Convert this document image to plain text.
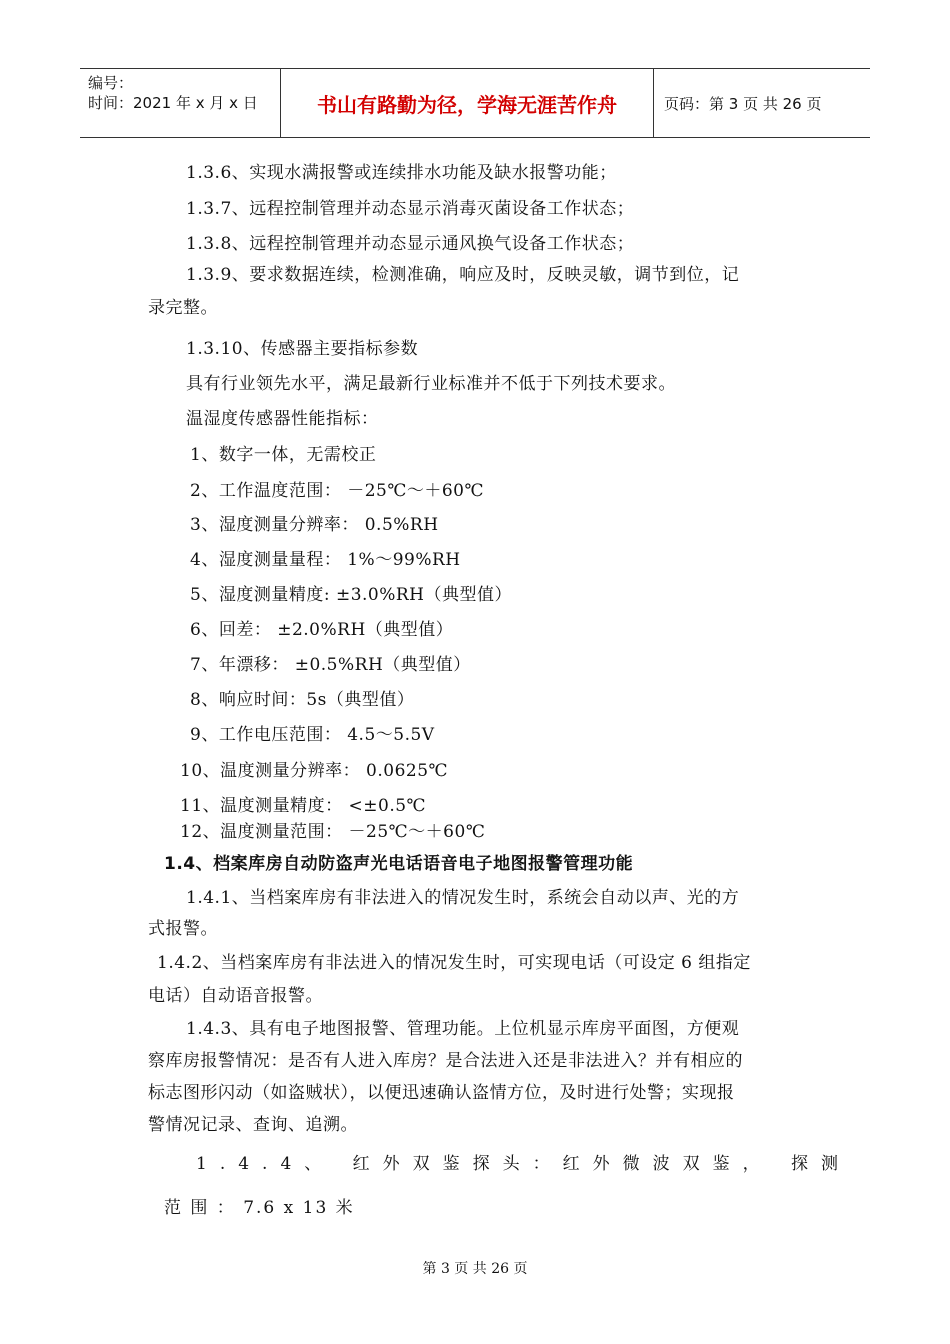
编号：
时间：2021 年 x 月 x 日	书山有路勤为径，学海无涯苦作舟	页码：第 3 页 共 26 页
1.3.6、实现水满报警或连续排水功能及缺水报警功能；
1.3.7、远程控制管理并动态显示消毒灭菌设备工作状态；
1.3.8、远程控制管理并动态显示通风换气设备工作状态；
1.3.9、要求数据连续，检测准确，响应及时，反映灵敏，调节到位，记
录完整。
1.3.10、传感器主要指标参数
具有行业领先水平，满足最新行业标准并不低于下列技术要求。
温湿度传感器性能指标：
1、数字一体，无需校正
2、工作温度范围： －25℃～＋60℃
3、湿度测量分辨率： 0.5%RH
4、湿度测量量程： 1%～99%RH
5、湿度测量精度: ±3.0%RH（典型值）
6、回差： ±2.0%RH（典型值）
7、年漂移： ±0.5%RH（典型值）
8、响应时间：5s（典型值）
9、工作电压范围： 4.5～5.5V
10、温度测量分辨率： 0.0625℃
11、温度测量精度： <±0.5℃
12、温度测量范围： －25℃～＋60℃
1.4、档案库房自动防盗声光电话语音电子地图报警管理功能
1.4.1、当档案库房有非法进入的情况发生时，系统会自动以声、光的方
式报警。
1.4.2、当档案库房有非法进入的情况发生时，可实现电话（可设定 6 组指定
电话）自动语音报警。
1.4.3、具有电子地图报警、管理功能。上位机显示库房平面图，方便观
察库房报警情况：是否有人进入库房？是合法进入还是非法进入？并有相应的
标志图形闪动（如盗贼状），以便迅速确认盗情方位，及时进行处警；实现报
警情况记录、查询、追溯。
1.4.4、 红外双鉴探头：红外微波双鉴， 探测
范 围 ： 7.6 x 13 米
第 3 页 共 26 页
